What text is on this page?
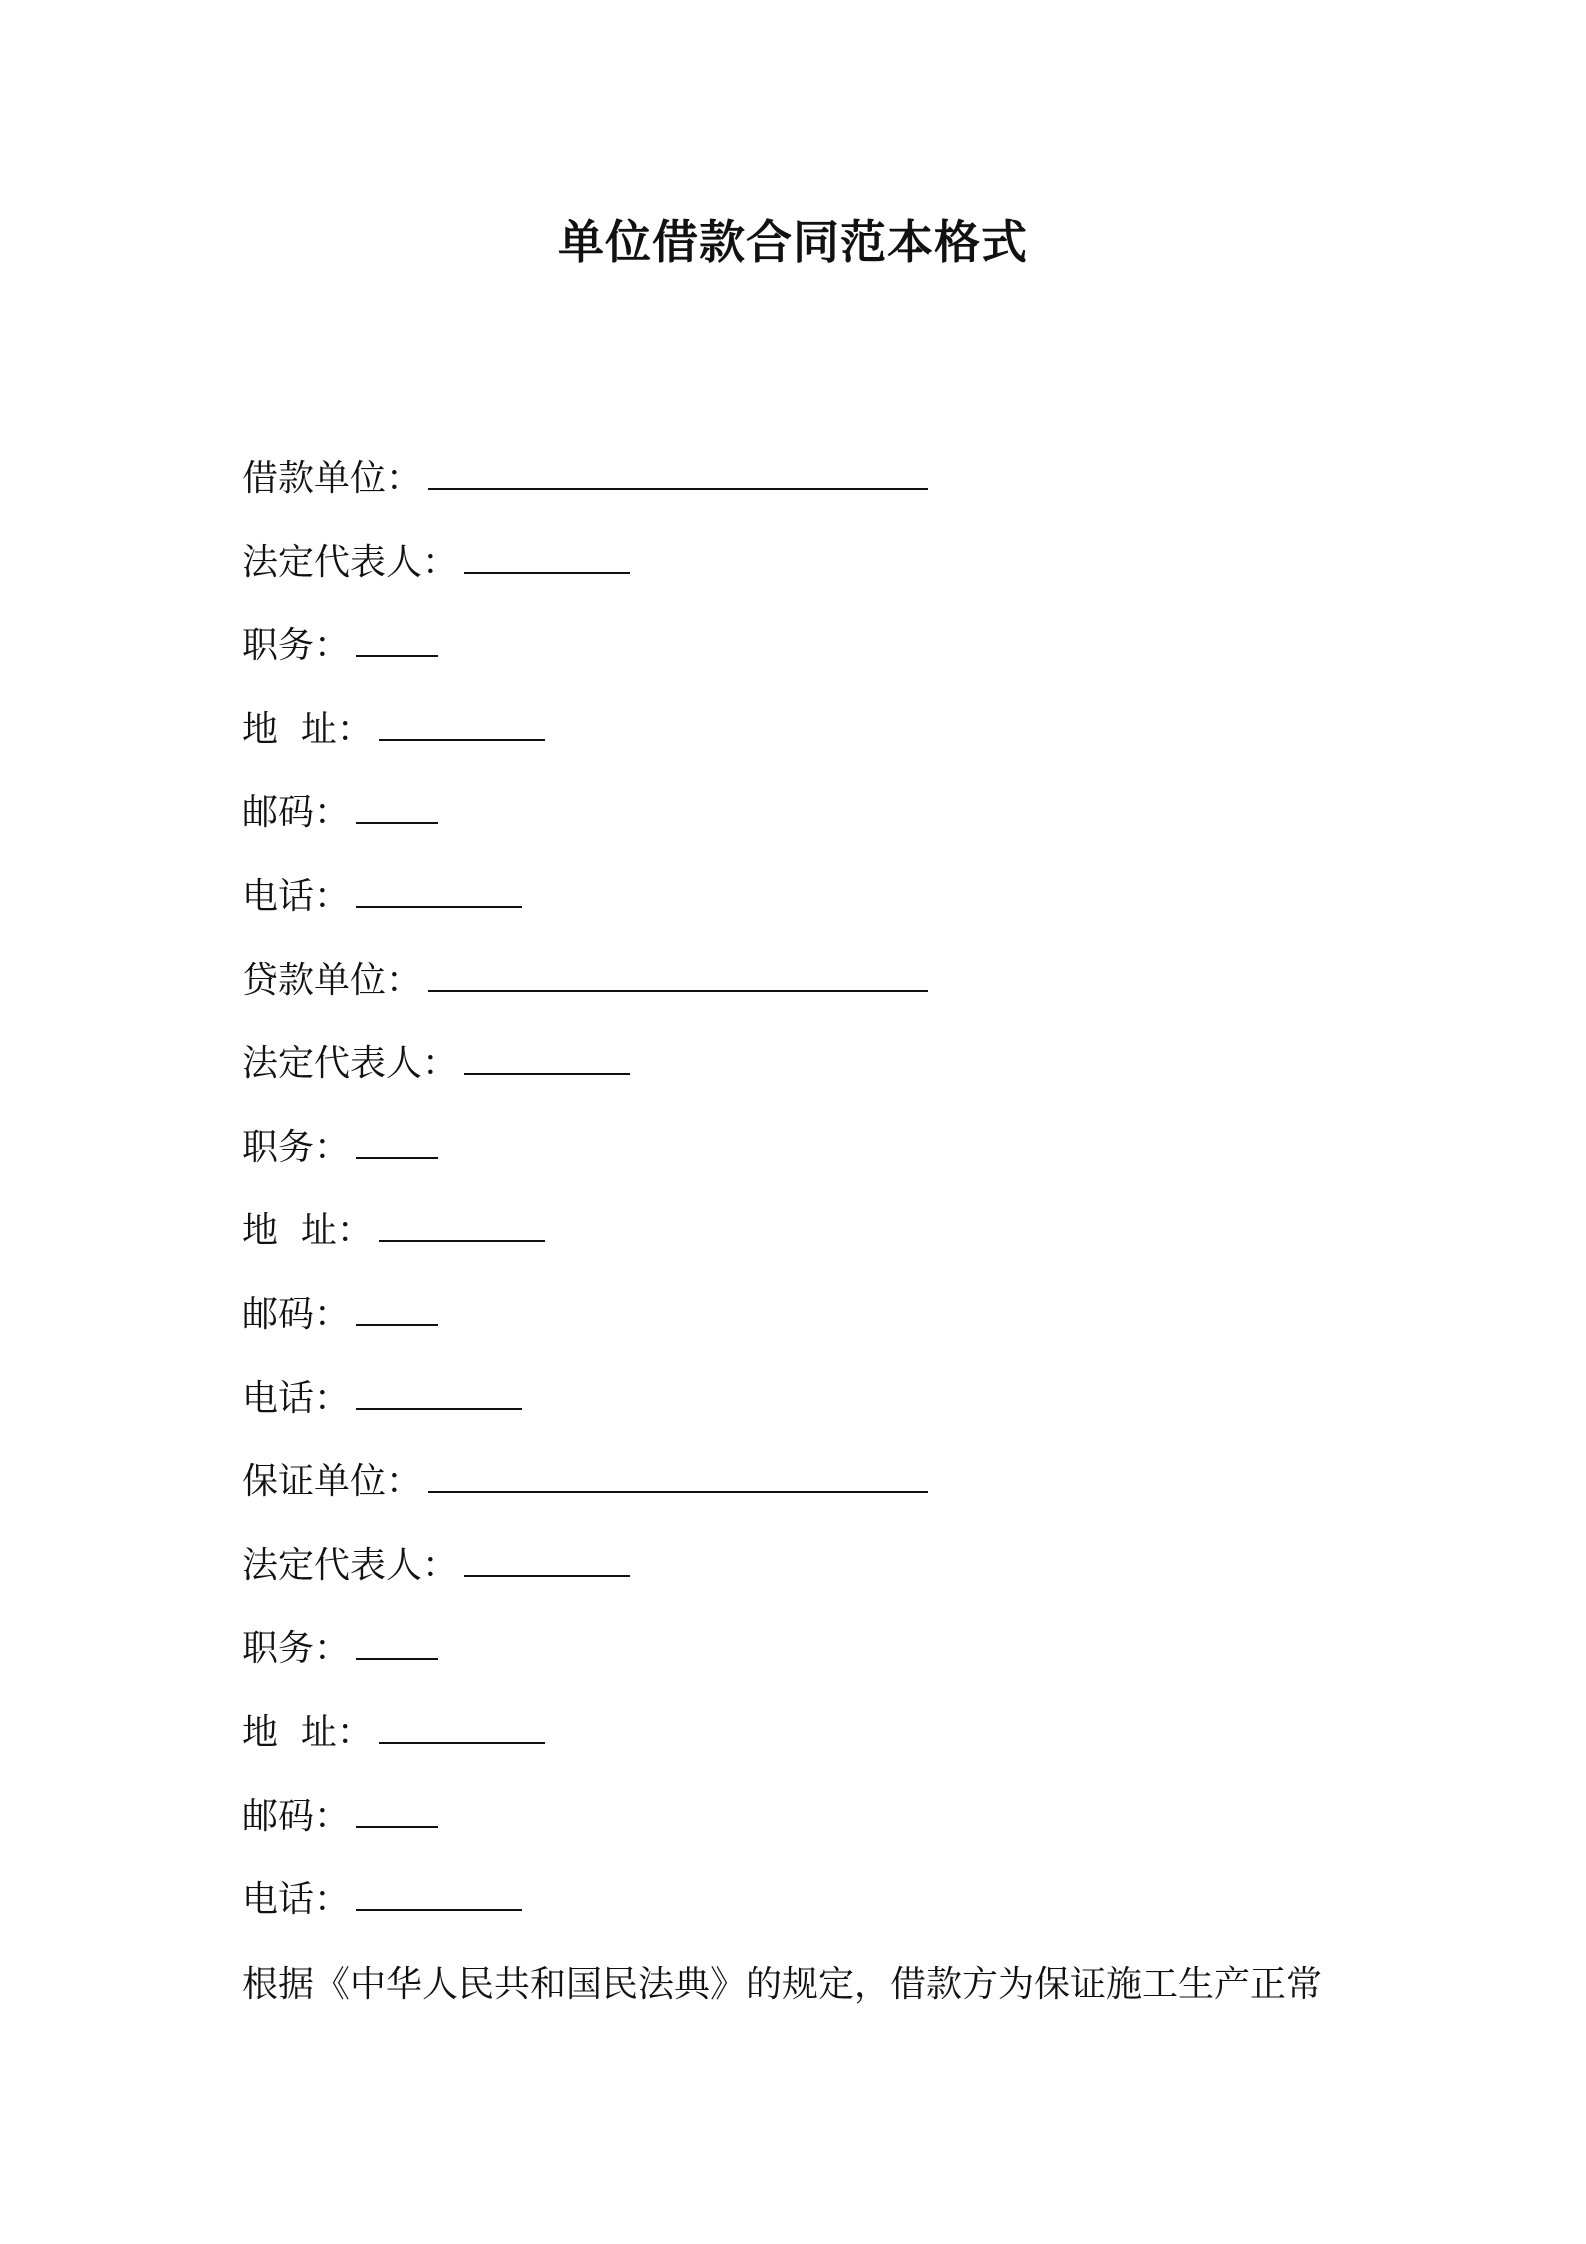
单位借款合同范本格式
借款单位：
法定代表人：
职务：
地  址：
邮码：
电话：
贷款单位：
法定代表人：
职务：
地  址：
邮码：
电话：
保证单位：
法定代表人：
职务：
地  址：
邮码：
电话：
根据《中华人民共和国民法典》的规定，借款方为保证施工生产正常
